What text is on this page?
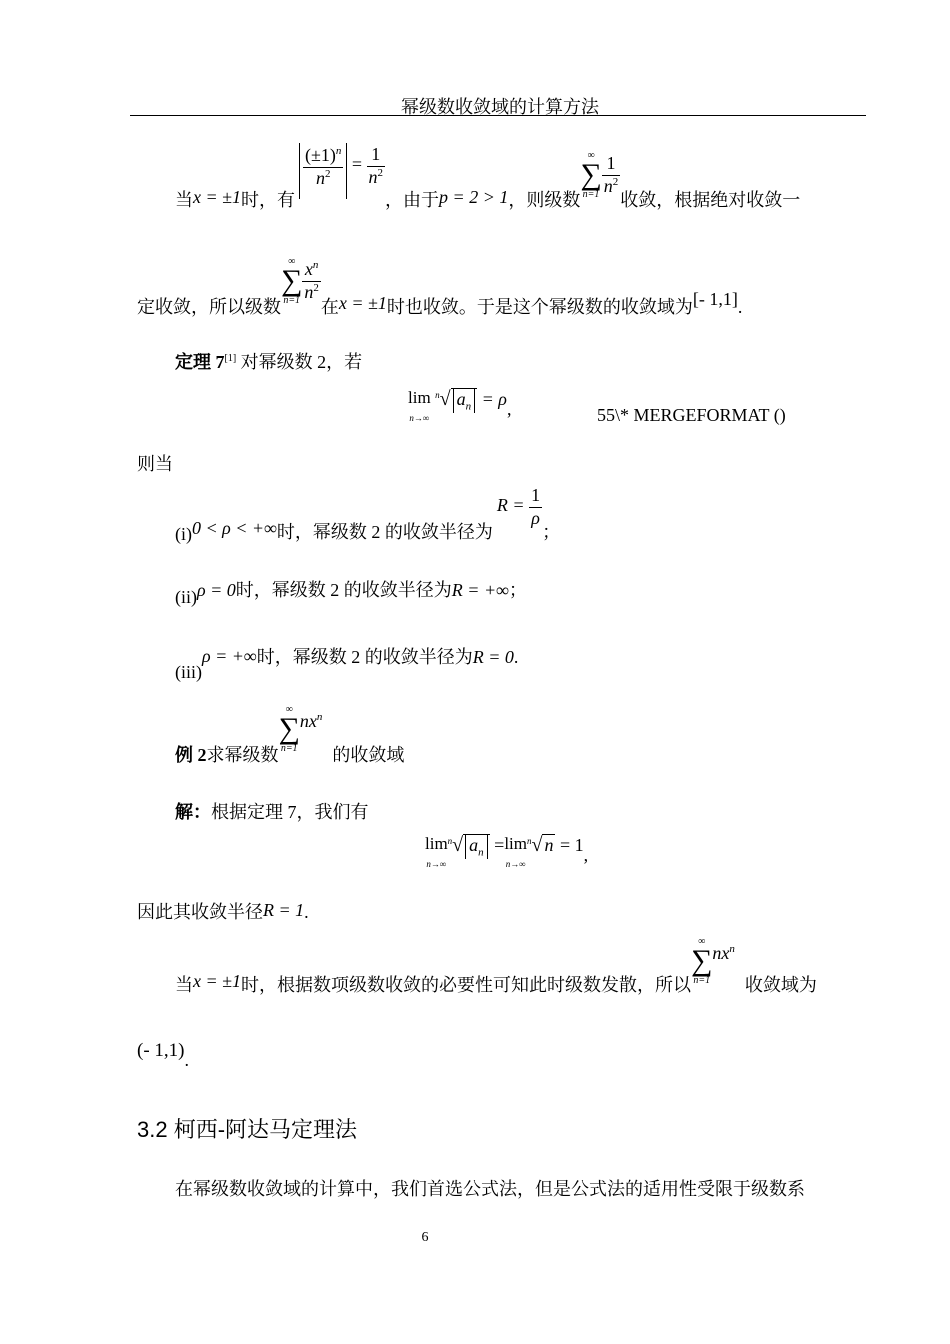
幂级数收敛域的计算方法
当x = ±1时，有
$\frac{(\pm 1)^n}{n^2} = \frac{1}{n^2}$
，由于p = 2 > 1，则级数
∞
∑
$n=1 \frac{1}{n^2}$
收敛，根据绝对收敛一
定收敛，所以级数
∞
∑
$n=1 \frac{x^n}{n^2}$
在x = ±1时也收敛。于是这个幂级数的收敛域为[- 1,1].
定理 7[1] 对幂级数 2，若
lim
n→∞ $^n$√ $a_n = \rho$,	55\* MERGEFORMAT ()
则当
(i)0 < ρ < +∞时，幂级数 2 的收敛半径为$R = \frac{1}{\rho}$
；
(ii)ρ = 0时，幂级数 2 的收敛半径为R = +∞；
(iii)ρ = +∞时，幂级数 2 的收敛半径为R = 0.
例 2求幂级数
∞
∑
n=1
$nx^n$的收敛域
解：根据定理 7，我们有
lim
n→∞$^n$√ $a_n =\lim$
n→∞$^n$√ n = 1,
因此其收敛半径R = 1.
当x = ±1时，根据数项级数收敛的必要性可知此时级数发散，所以
∞
∑
n=1
$nx^n$收敛域为
(- 1,1).
3.2 柯西-阿达马定理法
在幂级数收敛域的计算中，我们首选公式法，但是公式法的适用性受限于级数系
6
